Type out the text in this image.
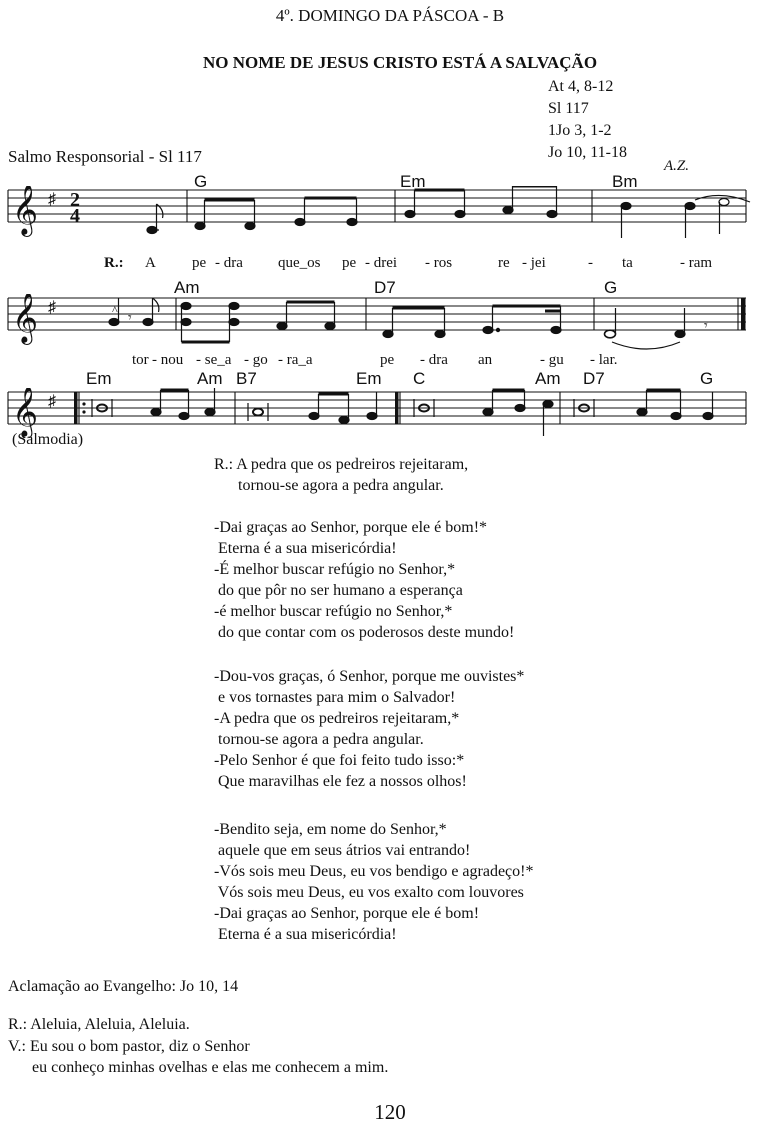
4º. DOMINGO DA PÁSCOA - B
NO NOME DE JESUS CRISTO ESTÁ A SALVAÇÃO
At 4, 8-12
Sl 117
1Jo 3, 1-2
Jo 10, 11-18
Salmo Responsorial - Sl 117	A.Z.
G	Em	Bm
𝄞 ♯ 2
4
R.: A pe - dra que_os pe - drei - ros	re - jei	- ta	- ram
Am	D7	G
𝄞 ♯	^
𝄾
𝄾
tor - nou - se_a - go - ra_a	pe - dra an	- gu - lar.
Em	Am B7	Em C	Am D7	G
𝄞 ♯
(Salmodia)
R.: A pedra que os pedreiros rejeitaram,
tornou-se agora a pedra angular.
-Dai graças ao Senhor, porque ele é bom!*
Eterna é a sua misericórdia!
-É melhor buscar refúgio no Senhor,*
do que pôr no ser humano a esperança
-é melhor buscar refúgio no Senhor,*
do que contar com os poderosos deste mundo!
-Dou-vos graças, ó Senhor, porque me ouvistes*
e vos tornastes para mim o Salvador!
-A pedra que os pedreiros rejeitaram,*
tornou-se agora a pedra angular.
-Pelo Senhor é que foi feito tudo isso:*
Que maravilhas ele fez a nossos olhos!
-Bendito seja, em nome do Senhor,*
aquele que em seus átrios vai entrando!
-Vós sois meu Deus, eu vos bendigo e agradeço!*
Vós sois meu Deus, eu vos exalto com louvores
-Dai graças ao Senhor, porque ele é bom!
Eterna é a sua misericórdia!
Aclamação ao Evangelho: Jo 10, 14
R.: Aleluia, Aleluia, Aleluia.
V.: Eu sou o bom pastor, diz o Senhor
eu conheço minhas ovelhas e elas me conhecem a mim.
120
